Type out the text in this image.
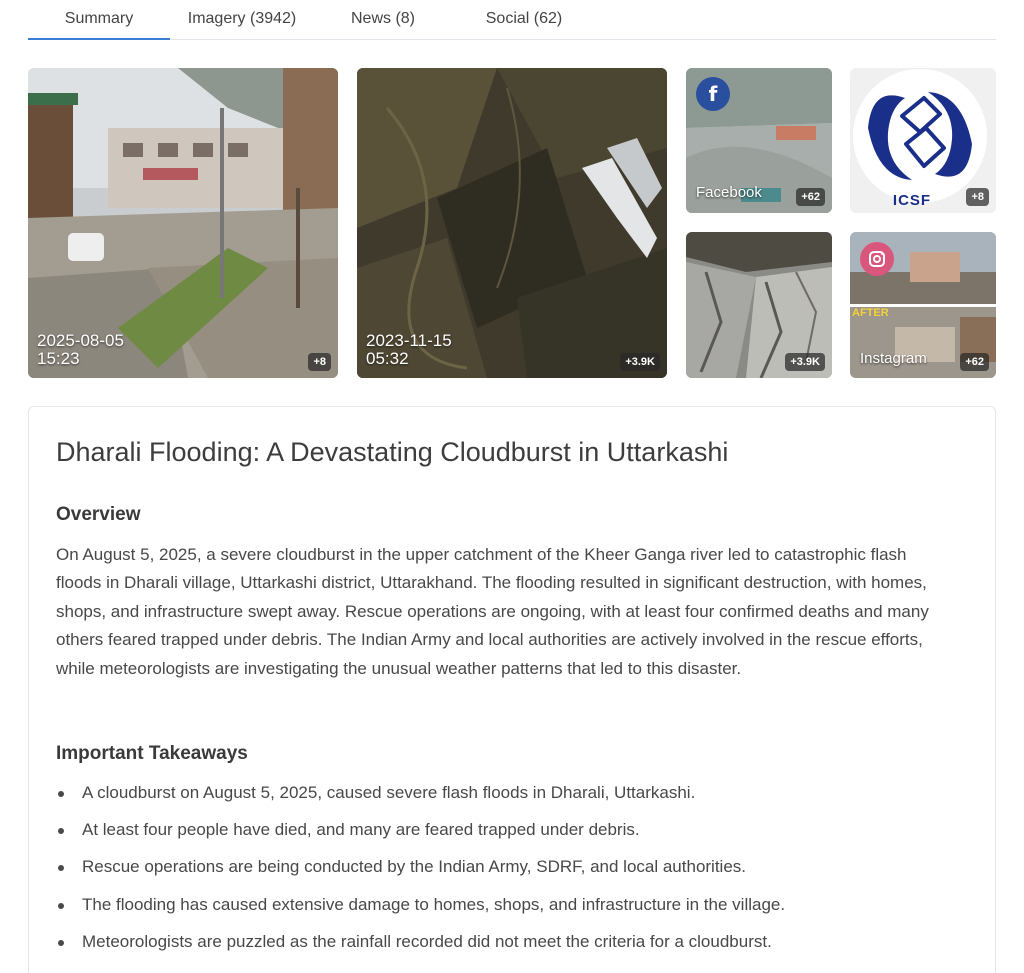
Summary	Imagery (3942)	News (8)	Social (62)
2025-08-05
15:23	+8
2023-11-15
05:32	+3.9K
f
Facebook	+62	ICSF	+8
+3.9K
AFTER
Instagram	+62
Dharali Flooding: A Devastating Cloudburst in Uttarkashi
Overview

On August 5, 2025, a severe cloudburst in the upper catchment of the Kheer Ganga river led to catastrophic flash floods in Dharali village, Uttarkashi district, Uttarakhand. The flooding resulted in significant destruction, with homes, shops, and infrastructure swept away. Rescue operations are ongoing, with at least four confirmed deaths and many others feared trapped under debris. The Indian Army and local authorities are actively involved in the rescue efforts, while meteorologists are investigating the unusual weather patterns that led to this disaster.

Important Takeaways
A cloudburst on August 5, 2025, caused severe flash floods in Dharali, Uttarkashi.
At least four people have died, and many are feared trapped under debris.
Rescue operations are being conducted by the Indian Army, SDRF, and local authorities.
The flooding has caused extensive damage to homes, shops, and infrastructure in the village.
Meteorologists are puzzled as the rainfall recorded did not meet the criteria for a cloudburst.
